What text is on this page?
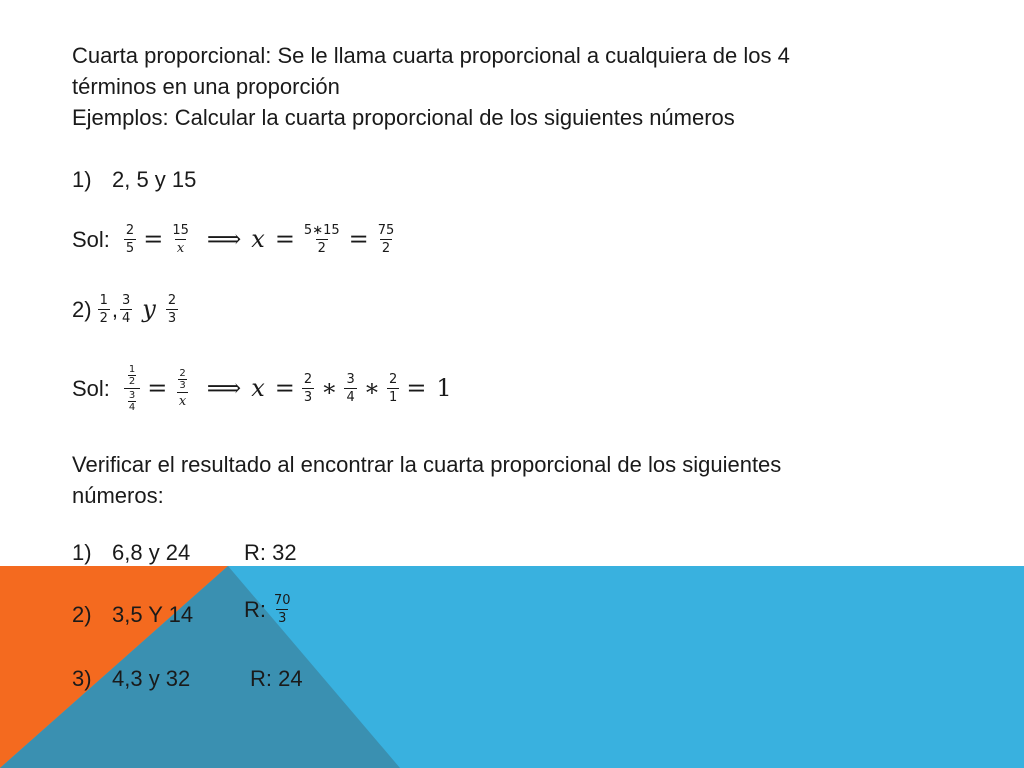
Cuarta proporcional: Se le llama cuarta proporcional a cualquiera de los 4

términos en una proporción

Ejemplos: Calcular la cuarta proporcional de los siguientes números

1) 2, 5 y 15
Sol: $\frac{2}{5} = \frac{15}{x}$ ⟹ $x = \frac{5∗15}{2} = \frac{75}{2}$
$2) \frac{1}{2}$ , $\frac{3}{4}$ y $\frac{2}{3}$
Sol: $\frac{\frac{1}{2}}{\frac{3}{4}} = \frac{\frac{2}{3}}{x}$ ⟹ $x = \frac{2}{3}$ ∗ $\frac{3}{4}$ ∗ $\frac{2}{1} = 1$

Verificar el resultado al encontrar la cuarta proporcional de los siguientes

números:

1) 6,8 y 24 R: 32
2) 3,5 Y 14 R: $\frac{70}{3}$
3) 4,3 y 32	R: 24
